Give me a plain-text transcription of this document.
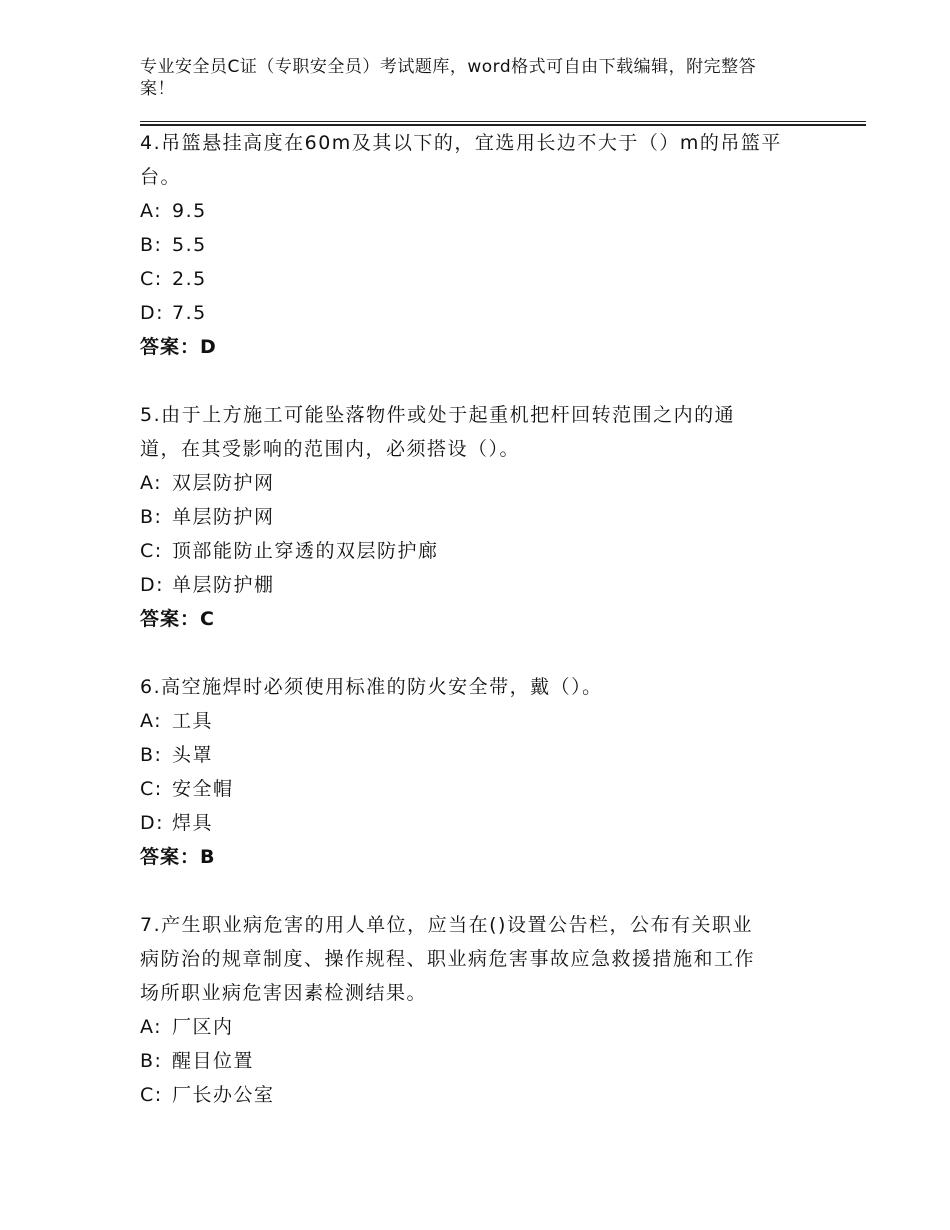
专业安全员C证（专职安全员）考试题库，word格式可自由下载编辑，附完整答
案！

4.吊篮悬挂高度在60m及其以下的，宜选用长边不大于（）m的吊篮平

台。

A: 9.5

B: 5.5

C: 2.5

D: 7.5

答案：D

5.由于上方施工可能坠落物件或处于起重机把杆回转范围之内的通

道，在其受影响的范围内，必须搭设（）。

A: 双层防护网

B: 单层防护网

C: 顶部能防止穿透的双层防护廊

D: 单层防护棚

答案：C

6.高空施焊时必须使用标准的防火安全带，戴（）。

A: 工具

B: 头罩

C: 安全帽

D: 焊具

答案：B

7.产生职业病危害的用人单位，应当在()设置公告栏，公布有关职业

病防治的规章制度、操作规程、职业病危害事故应急救援措施和工作

场所职业病危害因素检测结果。

A: 厂区内

B: 醒目位置

C: 厂长办公室
